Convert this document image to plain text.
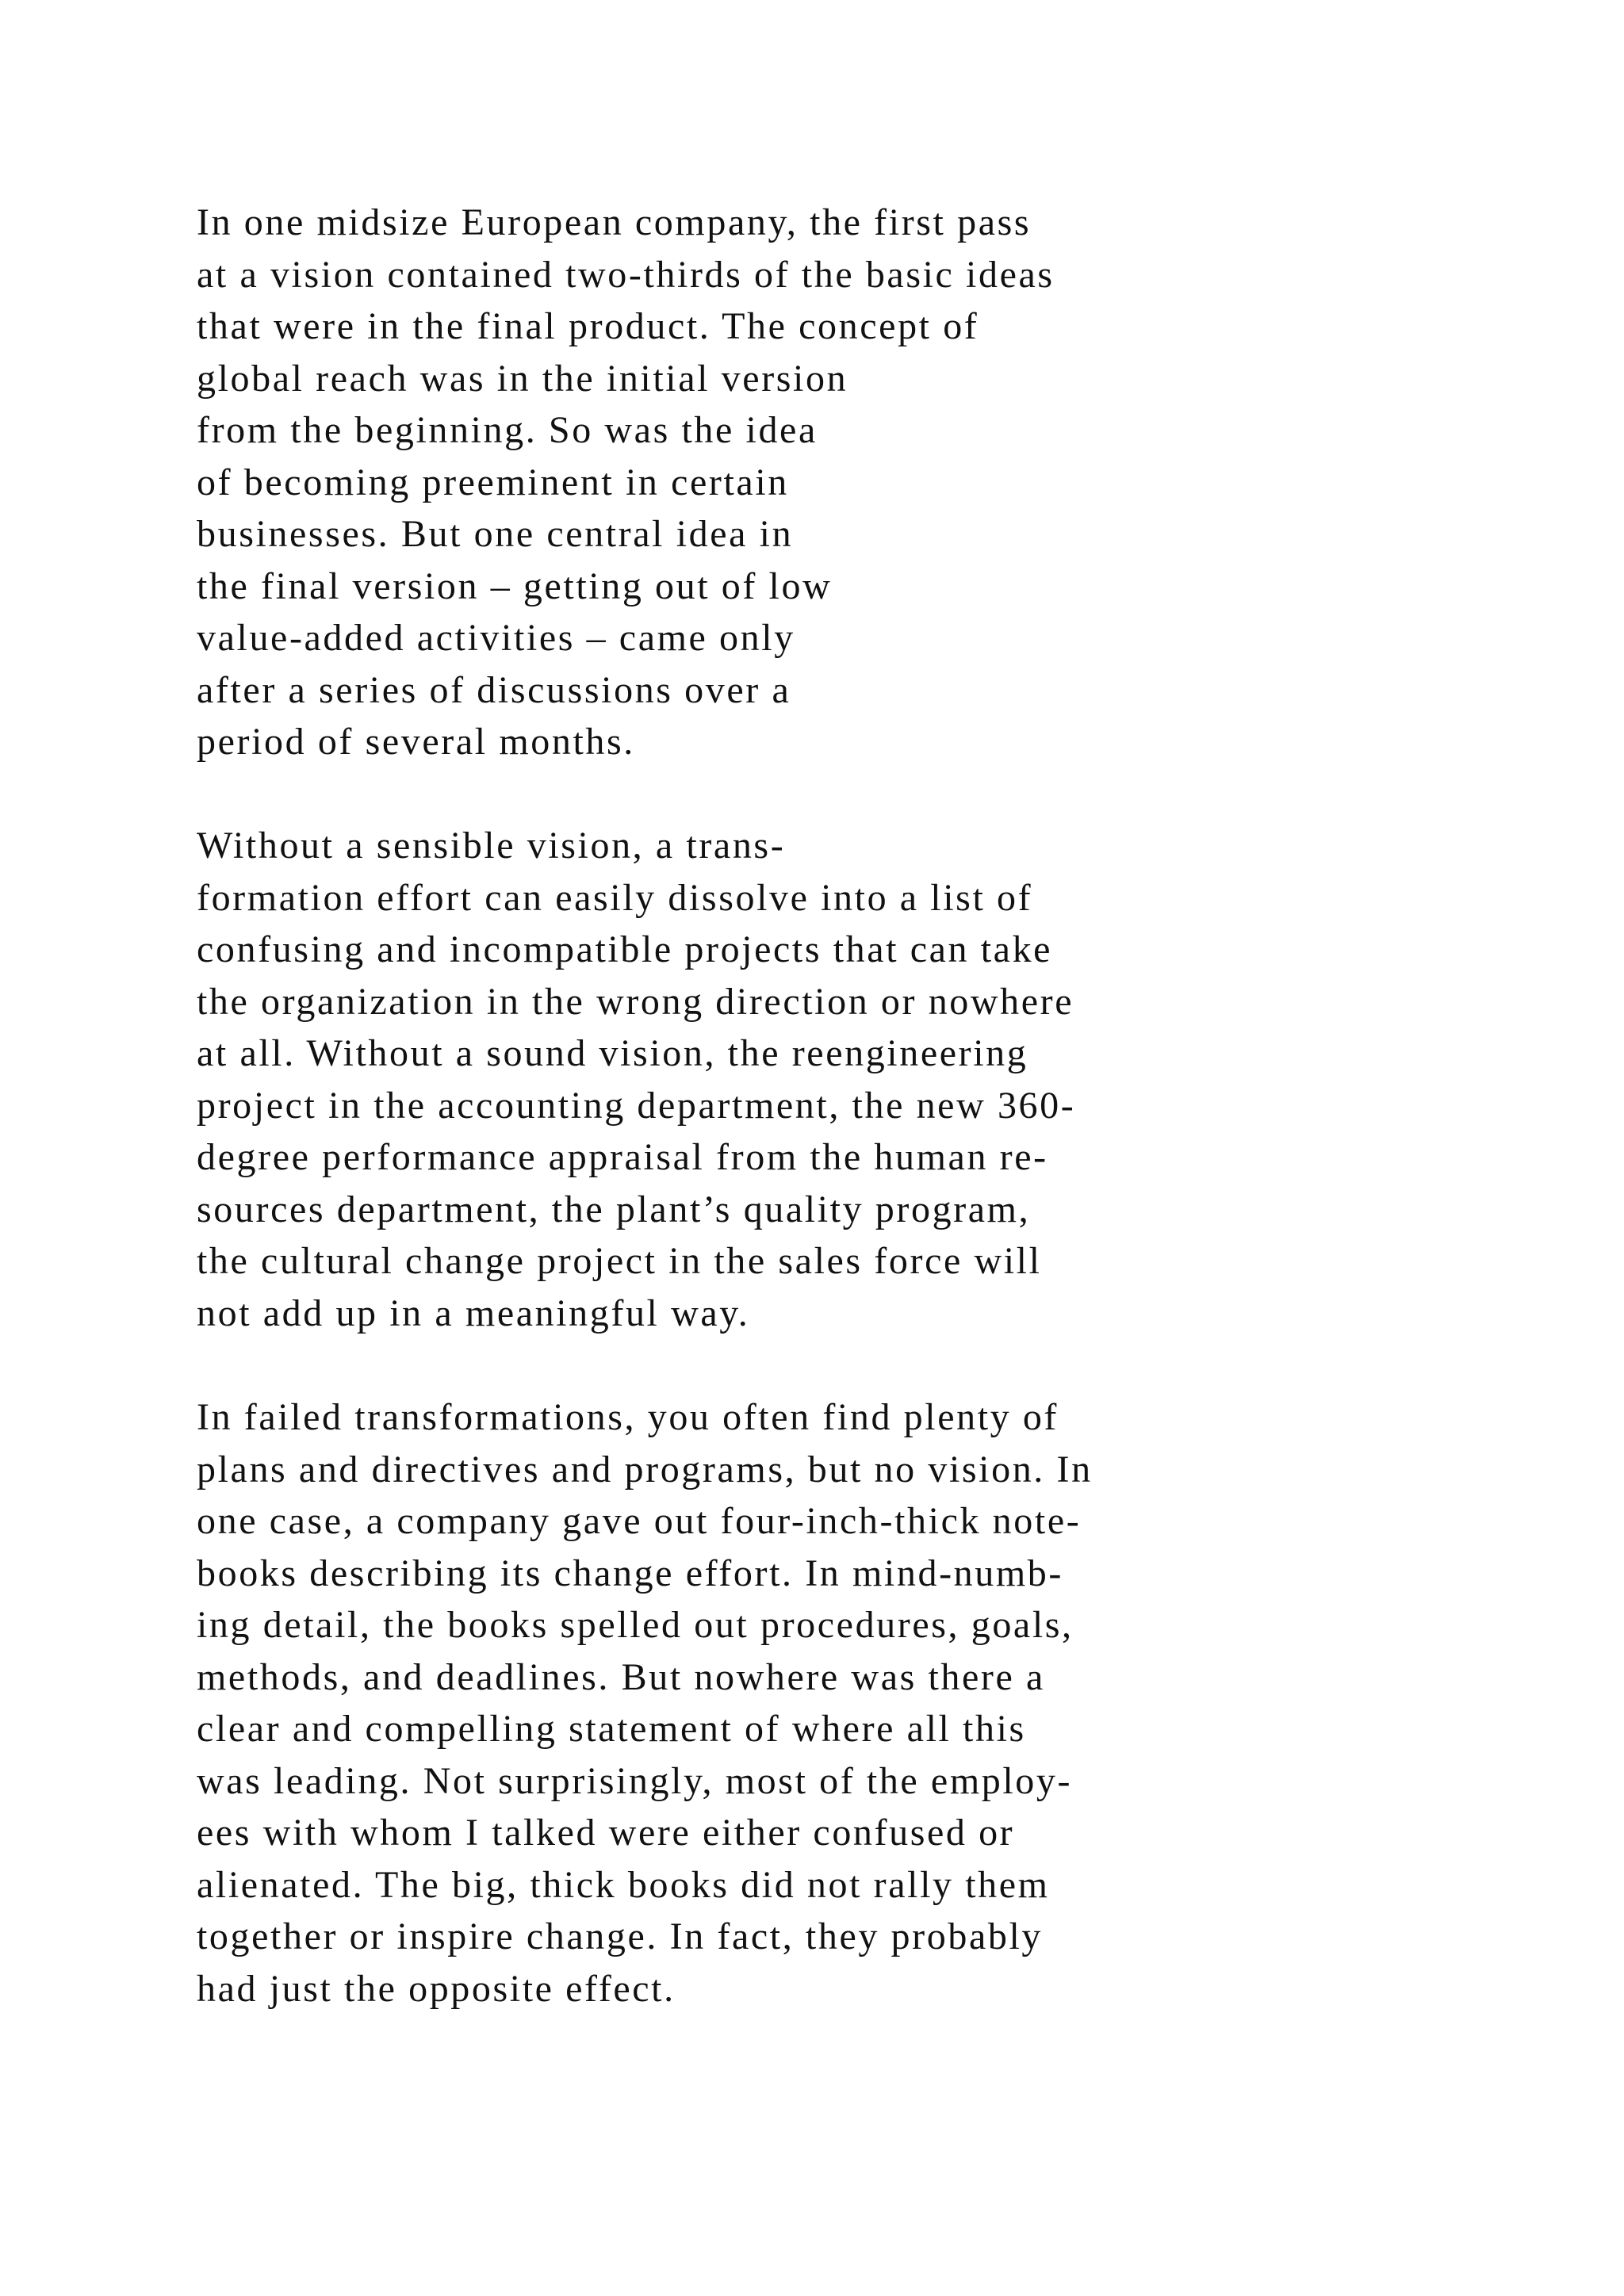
In one midsize European company, the first pass
at a vision contained two-thirds of the basic ideas
that were in the final product. The concept of
global reach was in the initial version
from the beginning. So was the idea
of becoming preeminent in certain
businesses. But one central idea in
the final version – getting out of low
value-added activities – came only
after a series of discussions over a
period of several months.
Without a sensible vision, a trans-
formation effort can easily dissolve into a list of
confusing and incompatible projects that can take
the organization in the wrong direction or nowhere
at all. Without a sound vision, the reengineering
project in the accounting department, the new 360-
degree performance appraisal from the human re-
sources department, the plant’s quality program,
the cultural change project in the sales force will
not add up in a meaningful way.
In failed transformations, you often find plenty of
plans and directives and programs, but no vision. In
one case, a company gave out four-inch-thick note-
books describing its change effort. In mind-numb-
ing detail, the books spelled out procedures, goals,
methods, and deadlines. But nowhere was there a
clear and compelling statement of where all this
was leading. Not surprisingly, most of the employ-
ees with whom I talked were either confused or
alienated. The big, thick books did not rally them
together or inspire change. In fact, they probably
had just the opposite effect.
